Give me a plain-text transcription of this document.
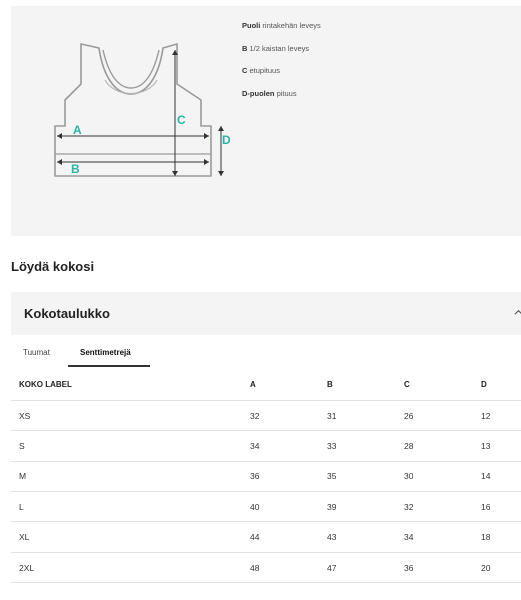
A
B
C
D
Puoli rintakehän leveys
B 1/2 kaistan leveys
C etupituus
D-puolen pituus
Löydä kokosi
Kokotaulukko
Tuumat	Senttimetrejä
KOKO LABEL	A	B	C	D
XS	32	31	26	12
S	34	33	28	13
M	36	35	30	14
L	40	39	32	16
XL	44	43	34	18
2XL	48	47	36	20
